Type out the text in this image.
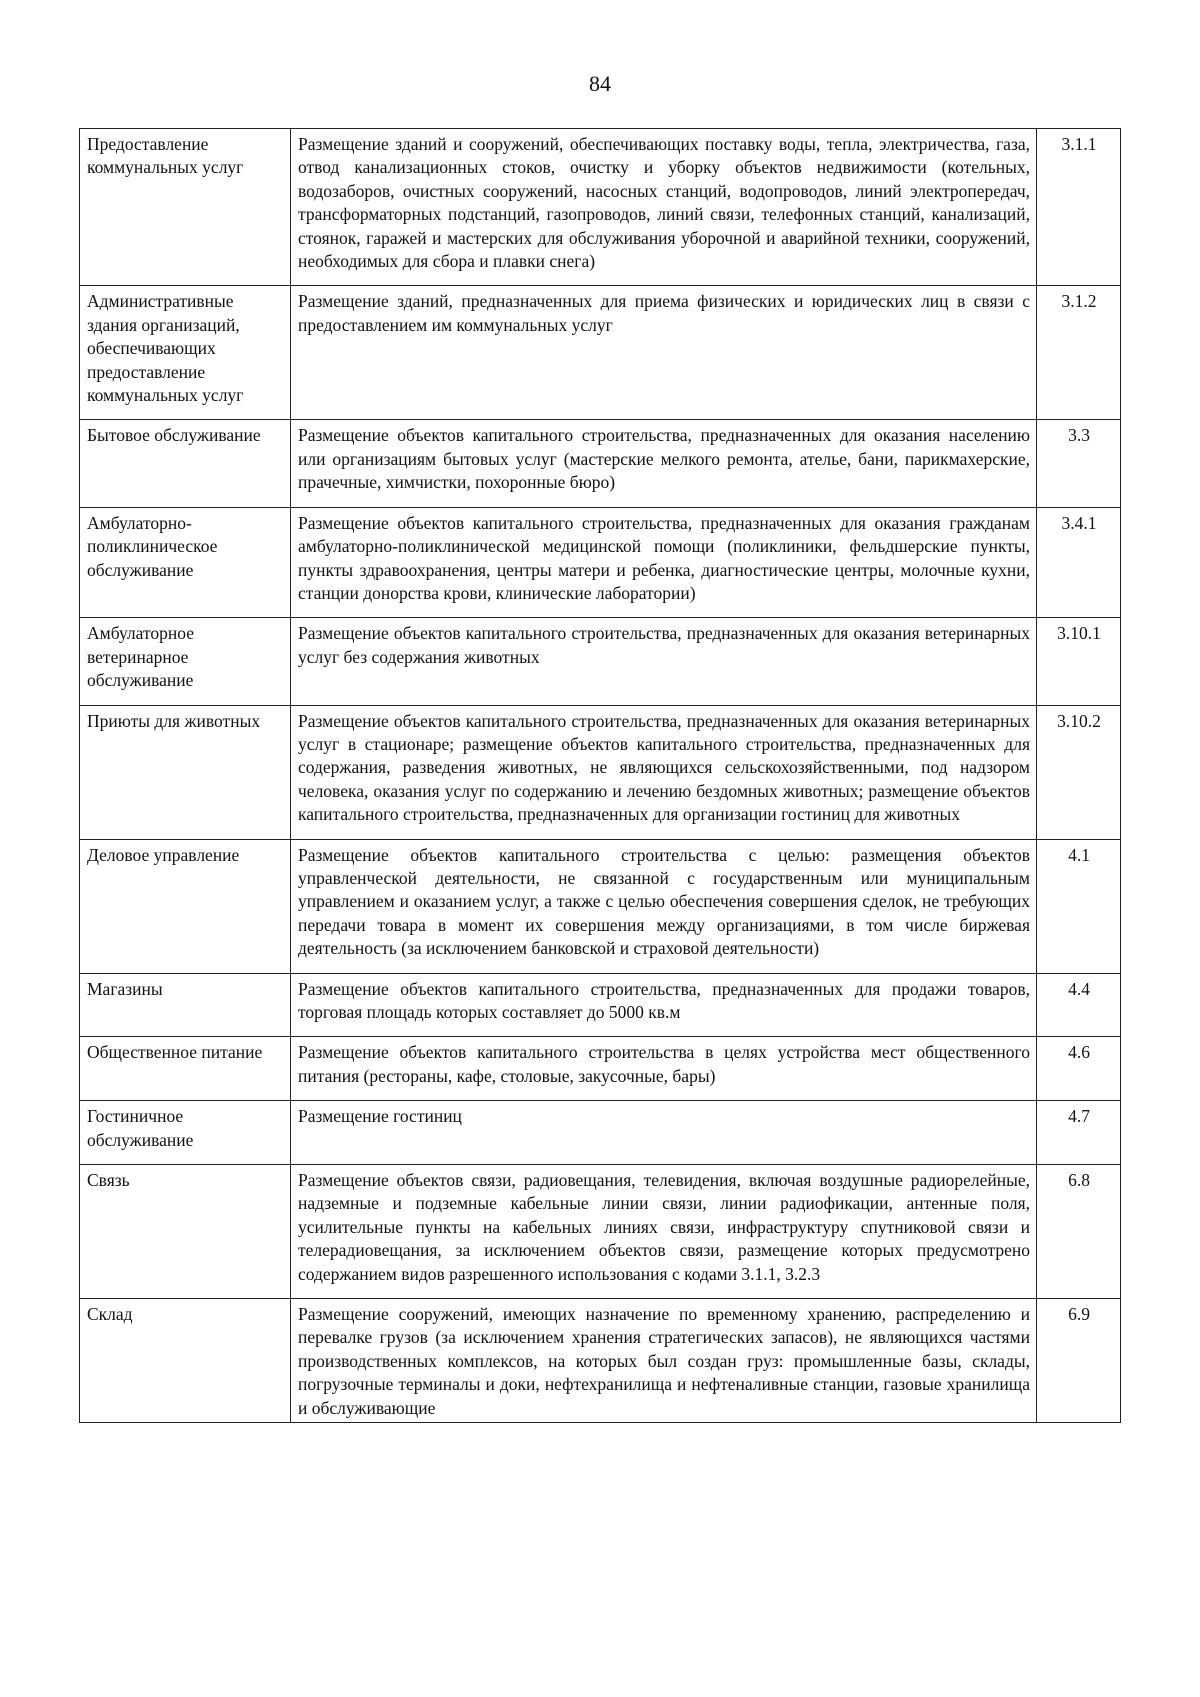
84
Предоставление коммунальных услуг	Размещение зданий и сооружений, обеспечивающих поставку воды, тепла, электричества, газа, отвод канализационных стоков, очистку и уборку объектов недвижимости (котельных, водозаборов, очистных сооружений, насосных станций, водопроводов, линий электропередач, трансформаторных подстанций, газопроводов, линий связи, телефонных станций, канализаций, стоянок, гаражей и мастерских для обслуживания уборочной и аварийной техники, сооружений, необходимых для сбора и плавки снега)	3.1.1
Административные здания организаций, обеспечивающих предоставление коммунальных услуг	Размещение зданий, предназначенных для приема физических и юридических лиц в связи с предоставлением им коммунальных услуг	3.1.2
Бытовое обслуживание	Размещение объектов капитального строительства, предназначенных для оказания населению или организациям бытовых услуг (мастерские мелкого ремонта, ателье, бани, парикмахерские, прачечные, химчистки, похоронные бюро)	3.3
Амбулаторно-поликлиническое обслуживание	Размещение объектов капитального строительства, предназначенных для оказания гражданам амбулаторно-поликлинической медицинской помощи (поликлиники, фельдшерские пункты, пункты здравоохранения, центры матери и ребенка, диагностические центры, молочные кухни, станции донорства крови, клинические лаборатории)	3.4.1
Амбулаторное ветеринарное обслуживание	Размещение объектов капитального строительства, предназначенных для оказания ветеринарных услуг без содержания животных	3.10.1
Приюты для животных	Размещение объектов капитального строительства, предназначенных для оказания ветеринарных услуг в стационаре; размещение объектов капитального строительства, предназначенных для содержания, разведения животных, не являющихся сельскохозяйственными, под надзором человека, оказания услуг по содержанию и лечению бездомных животных; размещение объектов капитального строительства, предназначенных для организации гостиниц для животных	3.10.2
Деловое управление	Размещение объектов капитального строительства с целью: размещения объектов управленческой деятельности, не связанной с государственным или муниципальным управлением и оказанием услуг, а также с целью обеспечения совершения сделок, не требующих передачи товара в момент их совершения между организациями, в том числе биржевая деятельность (за исключением банковской и страховой деятельности)	4.1
Магазины	Размещение объектов капитального строительства, предназначенных для продажи товаров, торговая площадь которых составляет до 5000 кв.м	4.4
Общественное питание	Размещение объектов капитального строительства в целях устройства мест общественного питания (рестораны, кафе, столовые, закусочные, бары)	4.6
Гостиничное обслуживание	Размещение гостиниц	4.7
Связь	Размещение объектов связи, радиовещания, телевидения, включая воздушные радиорелейные, надземные и подземные кабельные линии связи, линии радиофикации, антенные поля, усилительные пункты на кабельных линиях связи, инфраструктуру спутниковой связи и телерадиовещания, за исключением объектов связи, размещение которых предусмотрено содержанием видов разрешенного использования с кодами 3.1.1, 3.2.3	6.8
Склад	Размещение сооружений, имеющих назначение по временному хранению, распределению и перевалке грузов (за исключением хранения стратегических запасов), не являющихся частями производственных комплексов, на которых был создан груз: промышленные базы, склады, погрузочные терминалы и доки, нефтехранилища и нефтеналивные станции, газовые хранилища и обслуживающие	6.9
